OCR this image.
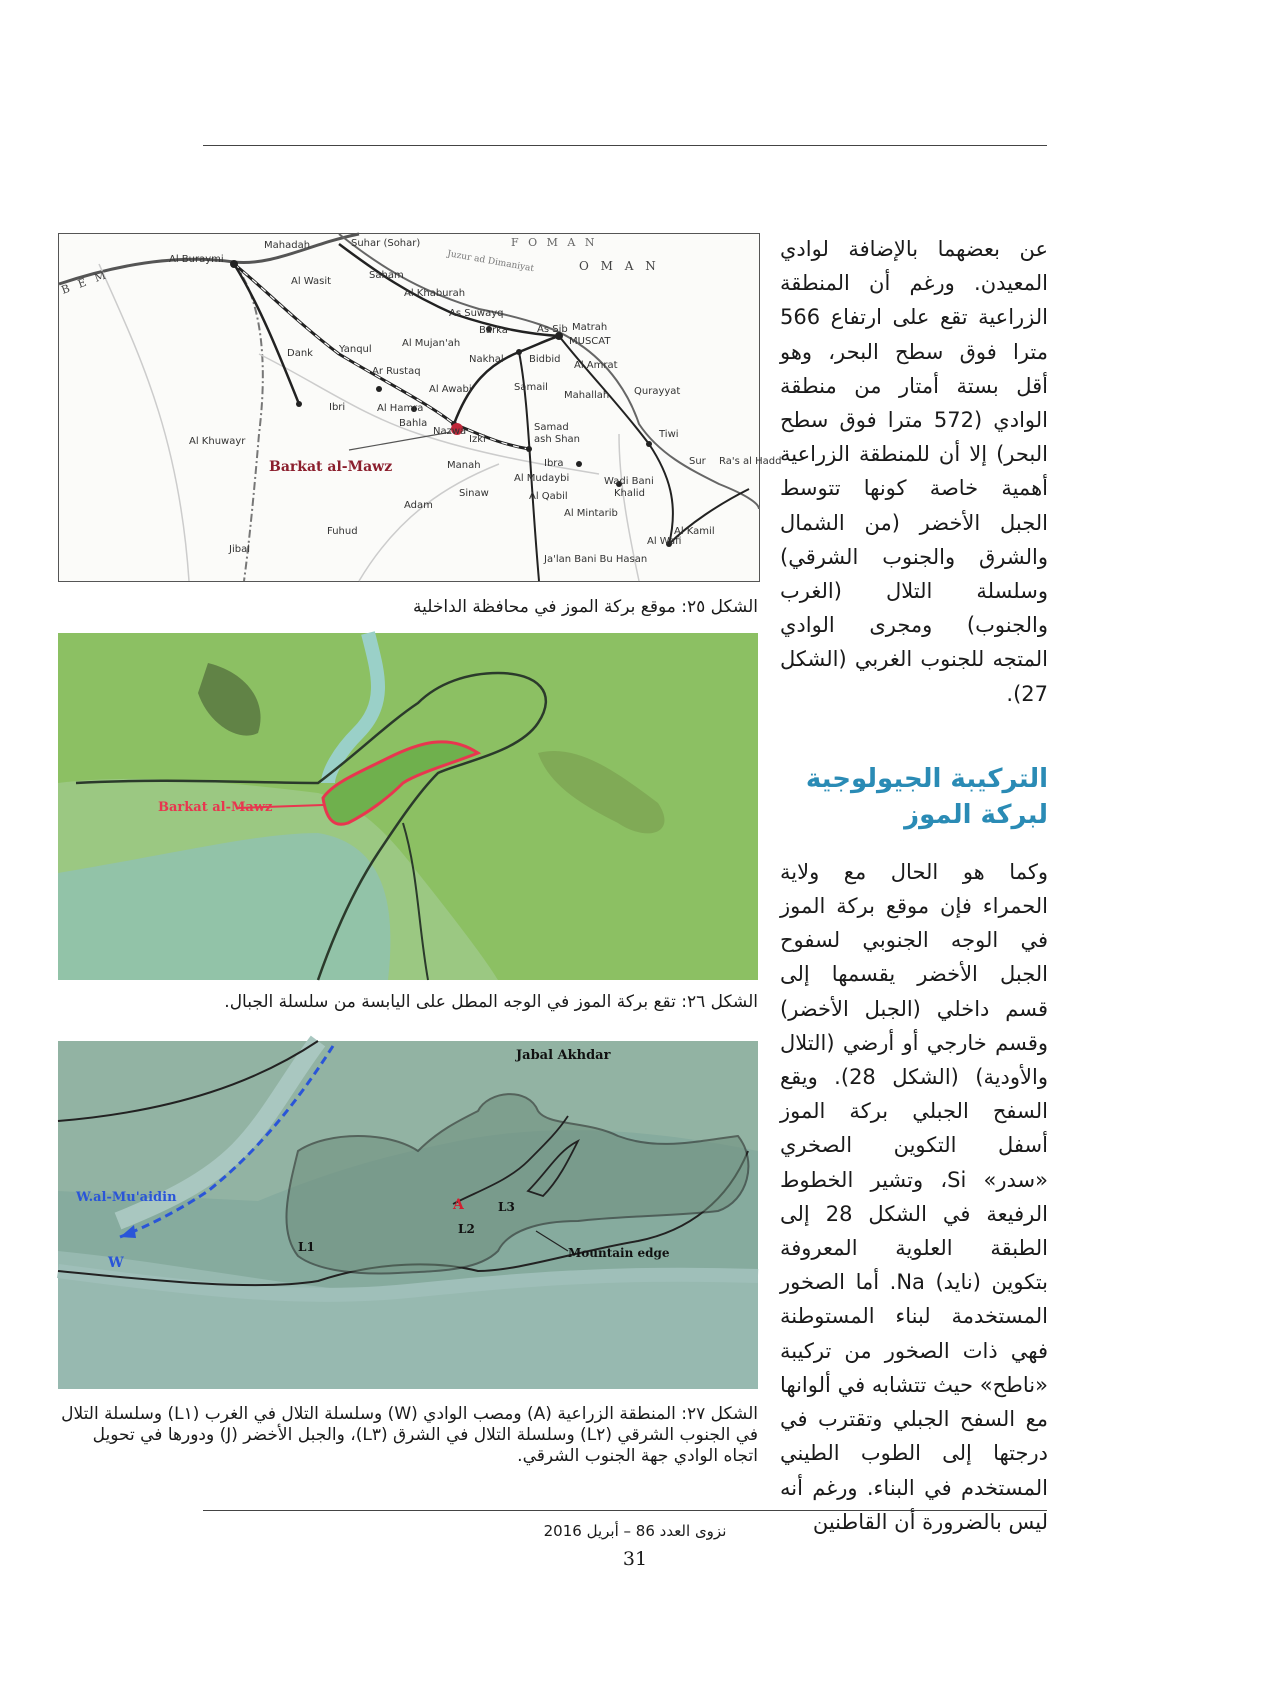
عن بعضهما بالإضافة لوادي المعيدن. ورغم أن المنطقة الزراعية تقع على ارتفاع 566 مترا فوق سطح البحر، وهو أقل بستة أمتار من منطقة الوادي (572 مترا فوق سطح البحر) إلا أن للمنطقة الزراعية أهمية خاصة كونها تتوسط الجبل الأخضر (من الشمال والشرق والجنوب الشرقي) وسلسلة التلال (الغرب والجنوب) ومجرى الوادي المتجه للجنوب الغربي (الشكل 27).

التركيبة الجيولوجية لبركة الموز

وكما هو الحال مع ولاية الحمراء فإن موقع بركة الموز في الوجه الجنوبي لسفوح الجبل الأخضر يقسمها إلى قسم داخلي (الجبل الأخضر) وقسم خارجي أو أرضي (التلال والأودية) (الشكل 28). ويقع السفح الجبلي بركة الموز أسفل التكوين الصخري «سدر» Si، وتشير الخطوط الرفيعة في الشكل 28 إلى الطبقة العلوية المعروفة بتكوين (نايد) Na. أما الصخور المستخدمة لبناء المستوطنة فهي ذات الصخور من تركيبة «ناطح» حيث تتشابه في ألوانها مع السفح الجبلي وتقترب في درجتها إلى الطوب الطيني المستخدم في البناء. ورغم أنه ليس بالضرورة أن القاطنين

Al Buraymi
Mahadah	Suhar (Sohar)
Al Wasit
Saham
Al Khaburah
As Suwayq
Barka	As Sib Matrah
MUSCAT
Al Mujan'ah
Dank	Yanqul
Ar Rustaq
Nakhal	Bidbid
Al Amrat
Qurayyat
Al Awabi	Samail
Mahallah
Ibri	Al Hamra
Bahla
Nazwa
Izki
Samad
ash Shan
Al Khuwayr
Barkat al-Mawz	Manah	Ibra
Tiwi
Sur Ra's al Hadd
Al Mudaybi	Wadi Bani
Khalid
Sinaw	Al Qabil
Adam
Al Mintarib
Al Kamil
Al Wafi
Fuhud
Jibal
Ja'lan Bani Bu Hasan
O M A N
F O M A N
B E M
Juzur ad Dimaniyat

الشكل ٢٥: موقع بركة الموز في محافظة الداخلية

Barkat al-Mawz

الشكل ٢٦: تقع بركة الموز في الوجه المطل على اليابسة من سلسلة الجبال.

Jabal Akhdar
W.al-Mu'aidin
W
A
L1
L2
L3
Mountain edge

الشكل ٢٧: المنطقة الزراعية (A) ومصب الوادي (W) وسلسلة التلال في الغرب (L١) وسلسلة التلال في الجنوب الشرقي (L٢) وسلسلة التلال في الشرق (L٣)، والجبل الأخضر (J) ودورها في تحويل اتجاه الوادي جهة الجنوب الشرقي.

نزوى العدد 86 – أبريل 2016
31
